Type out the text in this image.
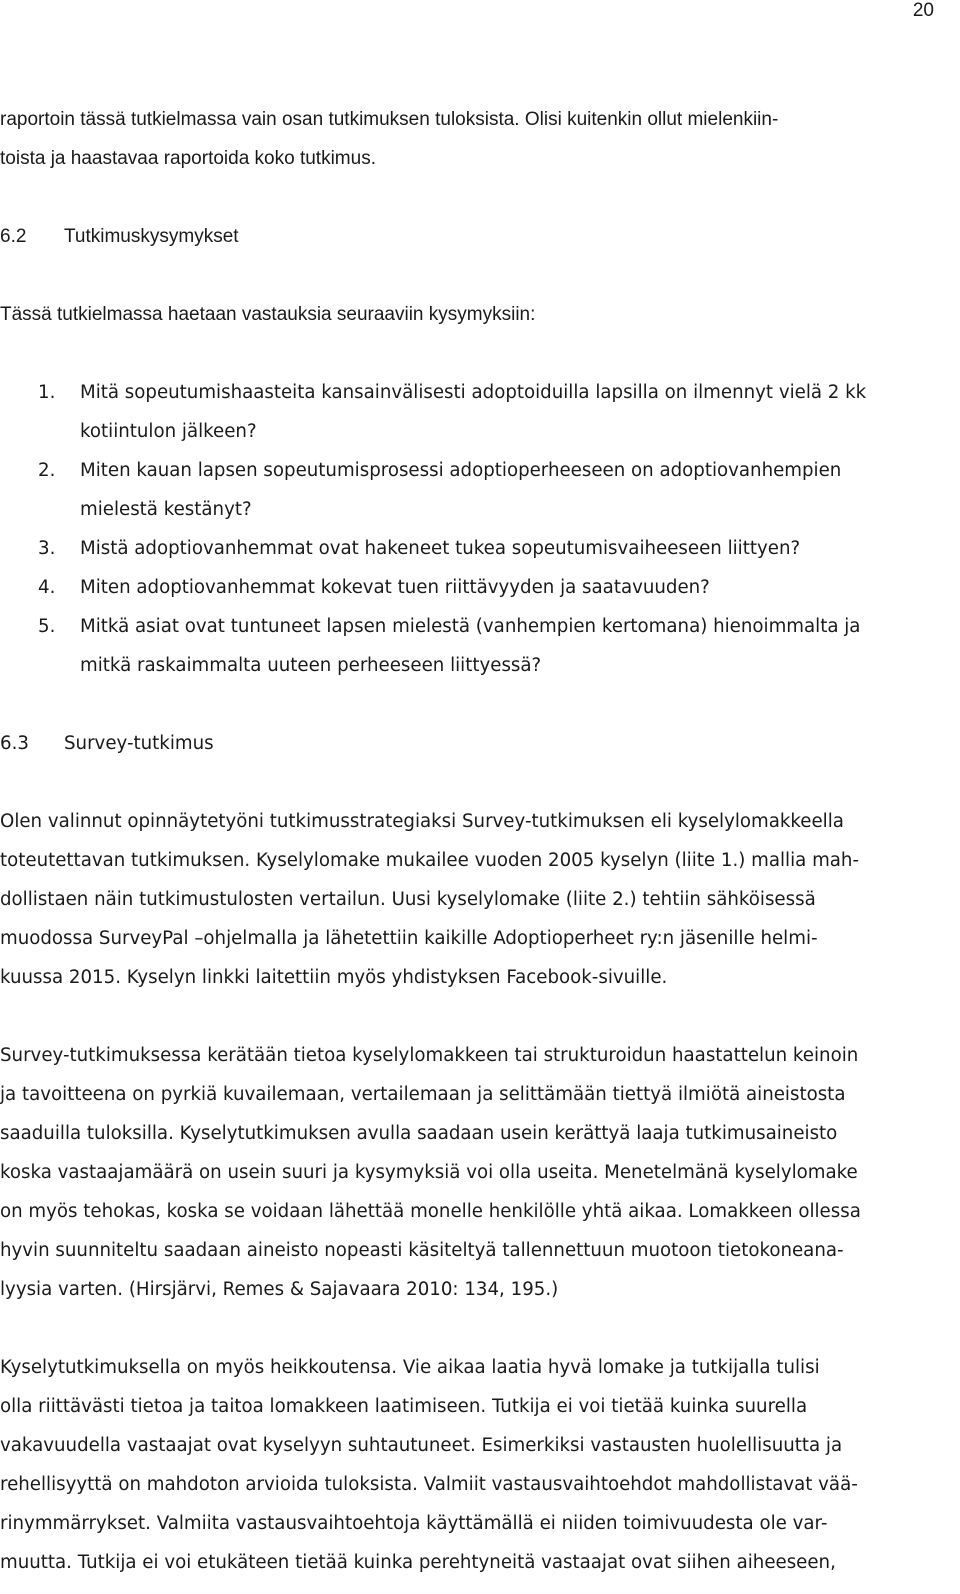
20
raportoin tässä tutkielmassa vain osan tutkimuksen tuloksista. Olisi kuitenkin ollut mielenkiin-
toista ja haastavaa raportoida koko tutkimus.
6.2 Tutkimuskysymykset
Tässä tutkielmassa haetaan vastauksia seuraaviin kysymyksiin:
1. Mitä sopeutumishaasteita kansainvälisesti adoptoiduilla lapsilla on ilmennyt vielä 2 kk
kotiintulon jälkeen?
2. Miten kauan lapsen sopeutumisprosessi adoptioperheeseen on adoptiovanhempien
mielestä kestänyt?
3. Mistä adoptiovanhemmat ovat hakeneet tukea sopeutumisvaiheeseen liittyen?
4. Miten adoptiovanhemmat kokevat tuen riittävyyden ja saatavuuden?
5. Mitkä asiat ovat tuntuneet lapsen mielestä (vanhempien kertomana) hienoimmalta ja
mitkä raskaimmalta uuteen perheeseen liittyessä?
6.3 Survey-tutkimus
Olen valinnut opinnäytetyöni tutkimusstrategiaksi Survey-tutkimuksen eli kyselylomakkeella
toteutettavan tutkimuksen. Kyselylomake mukailee vuoden 2005 kyselyn (liite 1.) mallia mah-
dollistaen näin tutkimustulosten vertailun. Uusi kyselylomake (liite 2.) tehtiin sähköisessä
muodossa SurveyPal –ohjelmalla ja lähetettiin kaikille Adoptioperheet ry:n jäsenille helmi-
kuussa 2015. Kyselyn linkki laitettiin myös yhdistyksen Facebook-sivuille.
Survey-tutkimuksessa kerätään tietoa kyselylomakkeen tai strukturoidun haastattelun keinoin
ja tavoitteena on pyrkiä kuvailemaan, vertailemaan ja selittämään tiettyä ilmiötä aineistosta
saaduilla tuloksilla. Kyselytutkimuksen avulla saadaan usein kerättyä laaja tutkimusaineisto
koska vastaajamäärä on usein suuri ja kysymyksiä voi olla useita. Menetelmänä kyselylomake
on myös tehokas, koska se voidaan lähettää monelle henkilölle yhtä aikaa. Lomakkeen ollessa
hyvin suunniteltu saadaan aineisto nopeasti käsiteltyä tallennettuun muotoon tietokoneana-
lyysia varten. (Hirsjärvi, Remes & Sajavaara 2010: 134, 195.)
Kyselytutkimuksella on myös heikkoutensa. Vie aikaa laatia hyvä lomake ja tutkijalla tulisi
olla riittävästi tietoa ja taitoa lomakkeen laatimiseen. Tutkija ei voi tietää kuinka suurella
vakavuudella vastaajat ovat kyselyyn suhtautuneet. Esimerkiksi vastausten huolellisuutta ja
rehellisyyttä on mahdoton arvioida tuloksista. Valmiit vastausvaihtoehdot mahdollistavat vää-
rinymmärrykset. Valmiita vastausvaihtoehtoja käyttämällä ei niiden toimivuudesta ole var-
muutta. Tutkija ei voi etukäteen tietää kuinka perehtyneitä vastaajat ovat siihen aiheeseen,
